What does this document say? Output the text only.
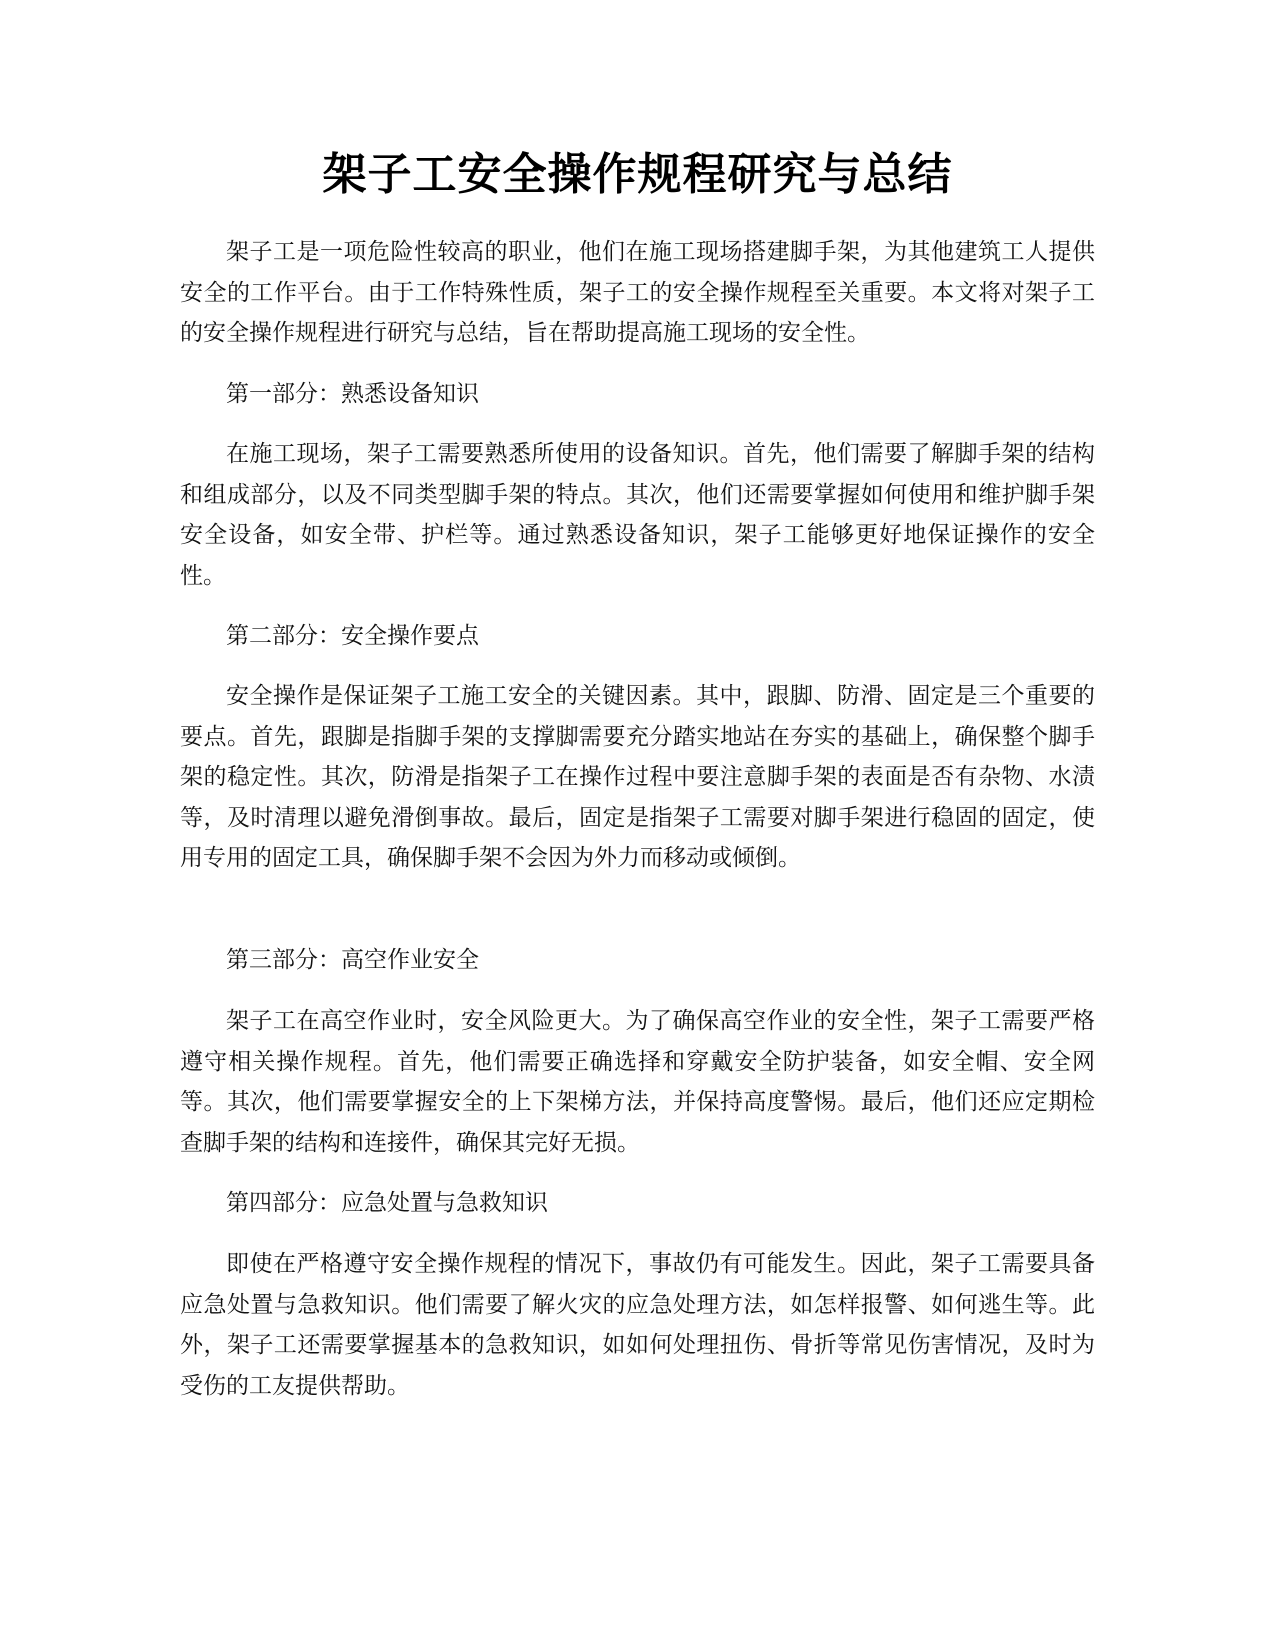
架子工安全操作规程研究与总结

架子工是一项危险性较高的职业，他们在施工现场搭建脚手架，为其他建筑工人提供安全的工作平台。由于工作特殊性质，架子工的安全操作规程至关重要。本文将对架子工的安全操作规程进行研究与总结，旨在帮助提高施工现场的安全性。

第一部分：熟悉设备知识

在施工现场，架子工需要熟悉所使用的设备知识。首先，他们需要了解脚手架的结构和组成部分，以及不同类型脚手架的特点。其次，他们还需要掌握如何使用和维护脚手架安全设备，如安全带、护栏等。通过熟悉设备知识，架子工能够更好地保证操作的安全性。

第二部分：安全操作要点

安全操作是保证架子工施工安全的关键因素。其中，跟脚、防滑、固定是三个重要的要点。首先，跟脚是指脚手架的支撑脚需要充分踏实地站在夯实的基础上，确保整个脚手架的稳定性。其次，防滑是指架子工在操作过程中要注意脚手架的表面是否有杂物、水渍等，及时清理以避免滑倒事故。最后，固定是指架子工需要对脚手架进行稳固的固定，使用专用的固定工具，确保脚手架不会因为外力而移动或倾倒。

第三部分：高空作业安全

架子工在高空作业时，安全风险更大。为了确保高空作业的安全性，架子工需要严格遵守相关操作规程。首先，他们需要正确选择和穿戴安全防护装备，如安全帽、安全网等。其次，他们需要掌握安全的上下架梯方法，并保持高度警惕。最后，他们还应定期检查脚手架的结构和连接件，确保其完好无损。

第四部分：应急处置与急救知识

即使在严格遵守安全操作规程的情况下，事故仍有可能发生。因此，架子工需要具备应急处置与急救知识。他们需要了解火灾的应急处理方法，如怎样报警、如何逃生等。此外，架子工还需要掌握基本的急救知识，如如何处理扭伤、骨折等常见伤害情况，及时为受伤的工友提供帮助。
